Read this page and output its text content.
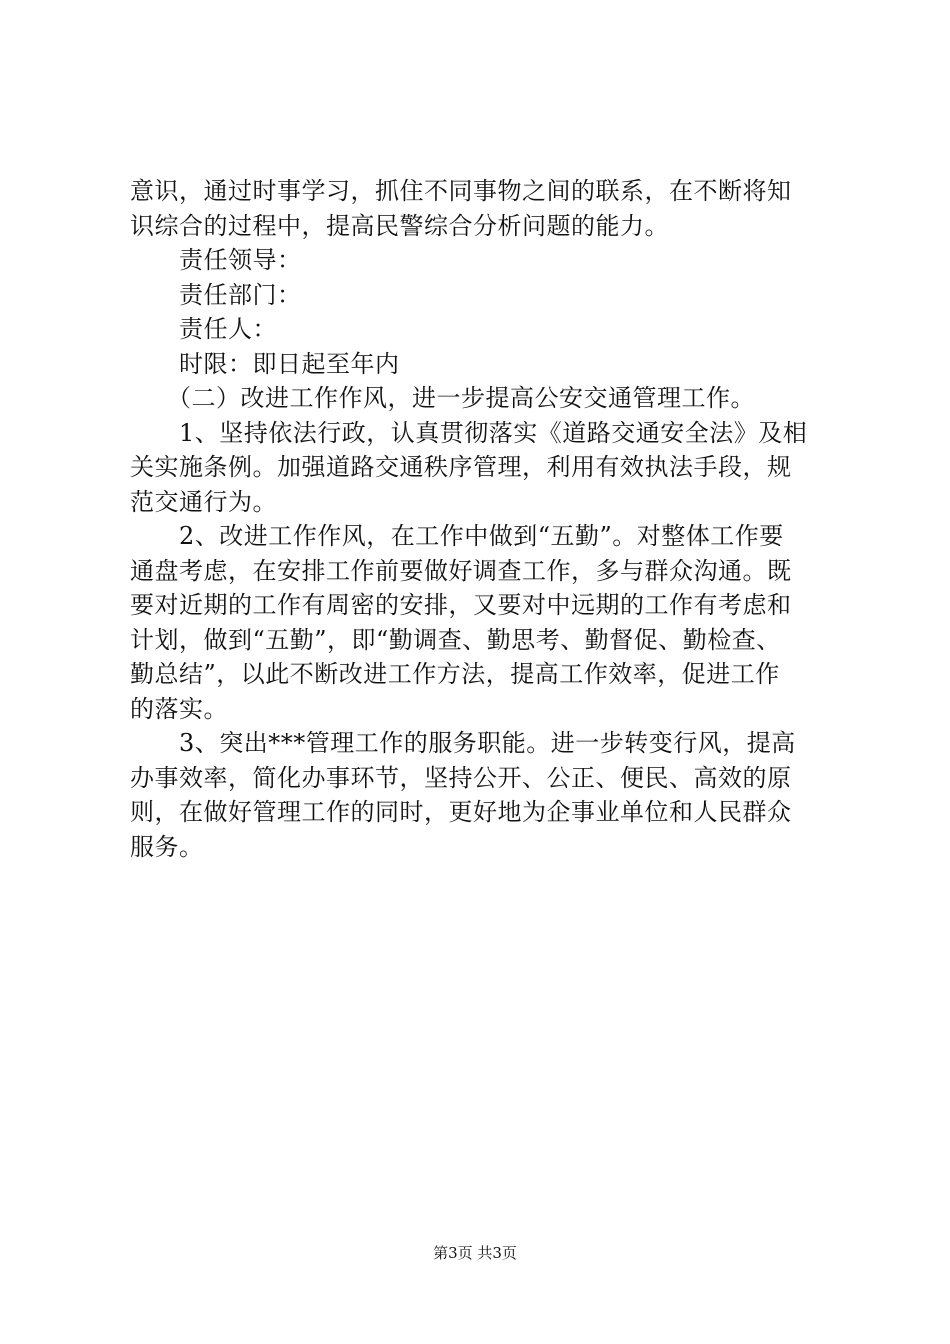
意识，通过时事学习，抓住不同事物之间的联系，在不断将知
识综合的过程中，提高民警综合分析问题的能力。
　　责任领导：
　　责任部门：
　　责任人：
　　时限：即日起至年内
　　（二）改进工作作风，进一步提高公安交通管理工作。
　　1、坚持依法行政，认真贯彻落实《道路交通安全法》及相
关实施条例。加强道路交通秩序管理，利用有效执法手段，规
范交通行为。
　　2、改进工作作风，在工作中做到“五勤”。对整体工作要
通盘考虑，在安排工作前要做好调查工作，多与群众沟通。既
要对近期的工作有周密的安排，又要对中远期的工作有考虑和
计划，做到“五勤”，即“勤调查、勤思考、勤督促、勤检查、
勤总结”，以此不断改进工作方法，提高工作效率，促进工作
的落实。
　　3、突出***管理工作的服务职能。进一步转变行风，提高
办事效率，简化办事环节，坚持公开、公正、便民、高效的原
则，在做好管理工作的同时，更好地为企事业单位和人民群众
服务。
第3页 共3页
